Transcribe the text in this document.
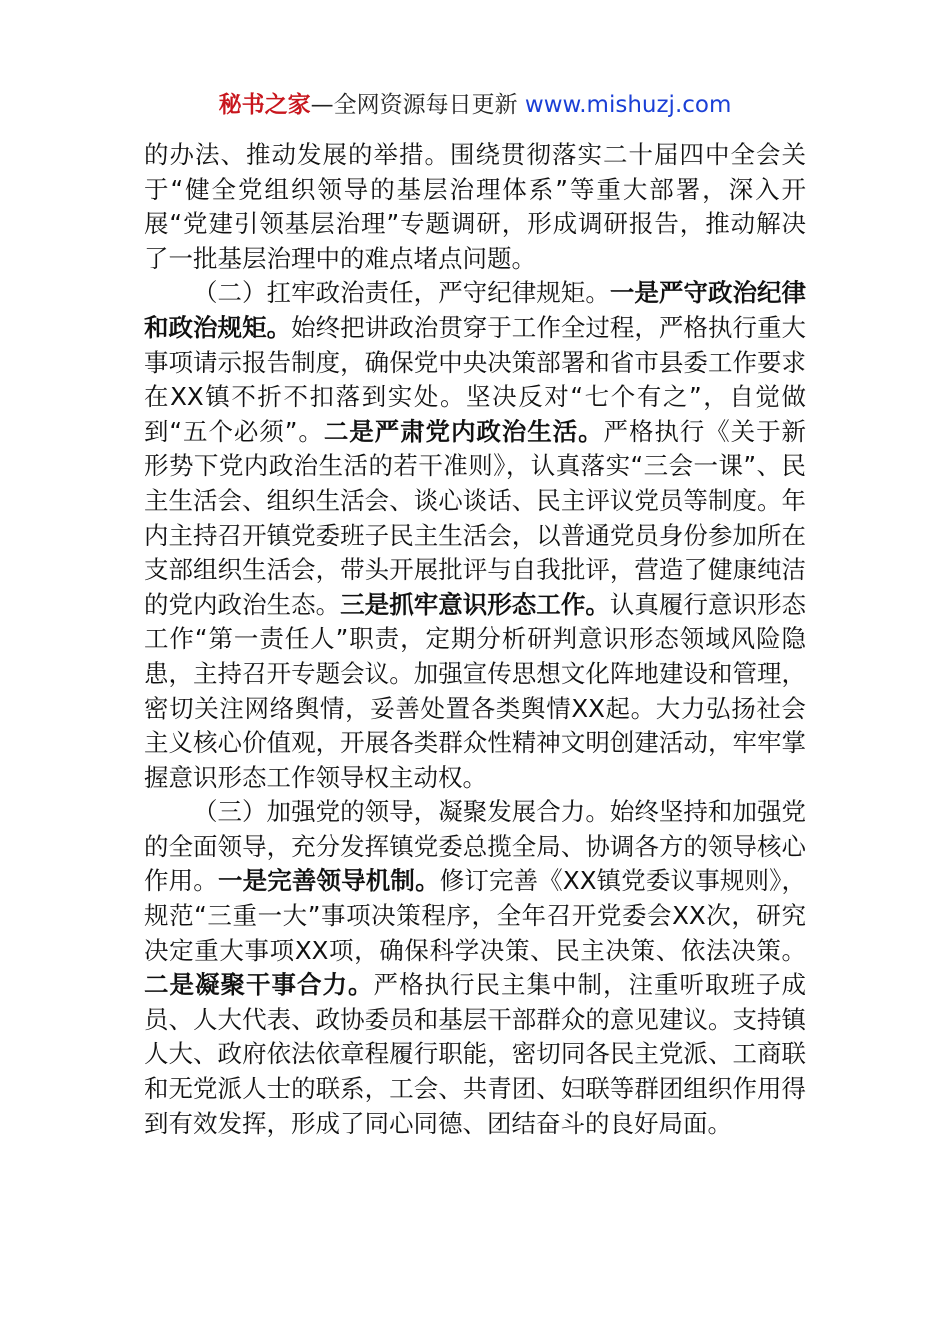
秘书之家—全网资源每日更新 www.mishuzj.com

的办法、推动发展的举措。围绕贯彻落实二十届四中全会关于“健全党组织领导的基层治理体系”等重大部署，深入开展“党建引领基层治理”专题调研，形成调研报告，推动解决了一批基层治理中的难点堵点问题。

（二）扛牢政治责任，严守纪律规矩。一是严守政治纪律和政治规矩。始终把讲政治贯穿于工作全过程，严格执行重大事项请示报告制度，确保党中央决策部署和省市县委工作要求在XX镇不折不扣落到实处。坚决反对“七个有之”，自觉做到“五个必须”。二是严肃党内政治生活。严格执行《关于新形势下党内政治生活的若干准则》，认真落实“三会一课”、民主生活会、组织生活会、谈心谈话、民主评议党员等制度。年内主持召开镇党委班子民主生活会，以普通党员身份参加所在支部组织生活会，带头开展批评与自我批评，营造了健康纯洁的党内政治生态。三是抓牢意识形态工作。认真履行意识形态工作“第一责任人”职责，定期分析研判意识形态领域风险隐患，主持召开专题会议。加强宣传思想文化阵地建设和管理，密切关注网络舆情，妥善处置各类舆情XX起。大力弘扬社会主义核心价值观，开展各类群众性精神文明创建活动，牢牢掌握意识形态工作领导权主动权。

（三）加强党的领导，凝聚发展合力。始终坚持和加强党的全面领导，充分发挥镇党委总揽全局、协调各方的领导核心作用。一是完善领导机制。修订完善《XX镇党委议事规则》，规范“三重一大”事项决策程序，全年召开党委会XX次，研究决定重大事项XX项，确保科学决策、民主决策、依法决策。二是凝聚干事合力。严格执行民主集中制，注重听取班子成员、人大代表、政协委员和基层干部群众的意见建议。支持镇人大、政府依法依章程履行职能，密切同各民主党派、工商联和无党派人士的联系，工会、共青团、妇联等群团组织作用得到有效发挥，形成了同心同德、团结奋斗的良好局面。
